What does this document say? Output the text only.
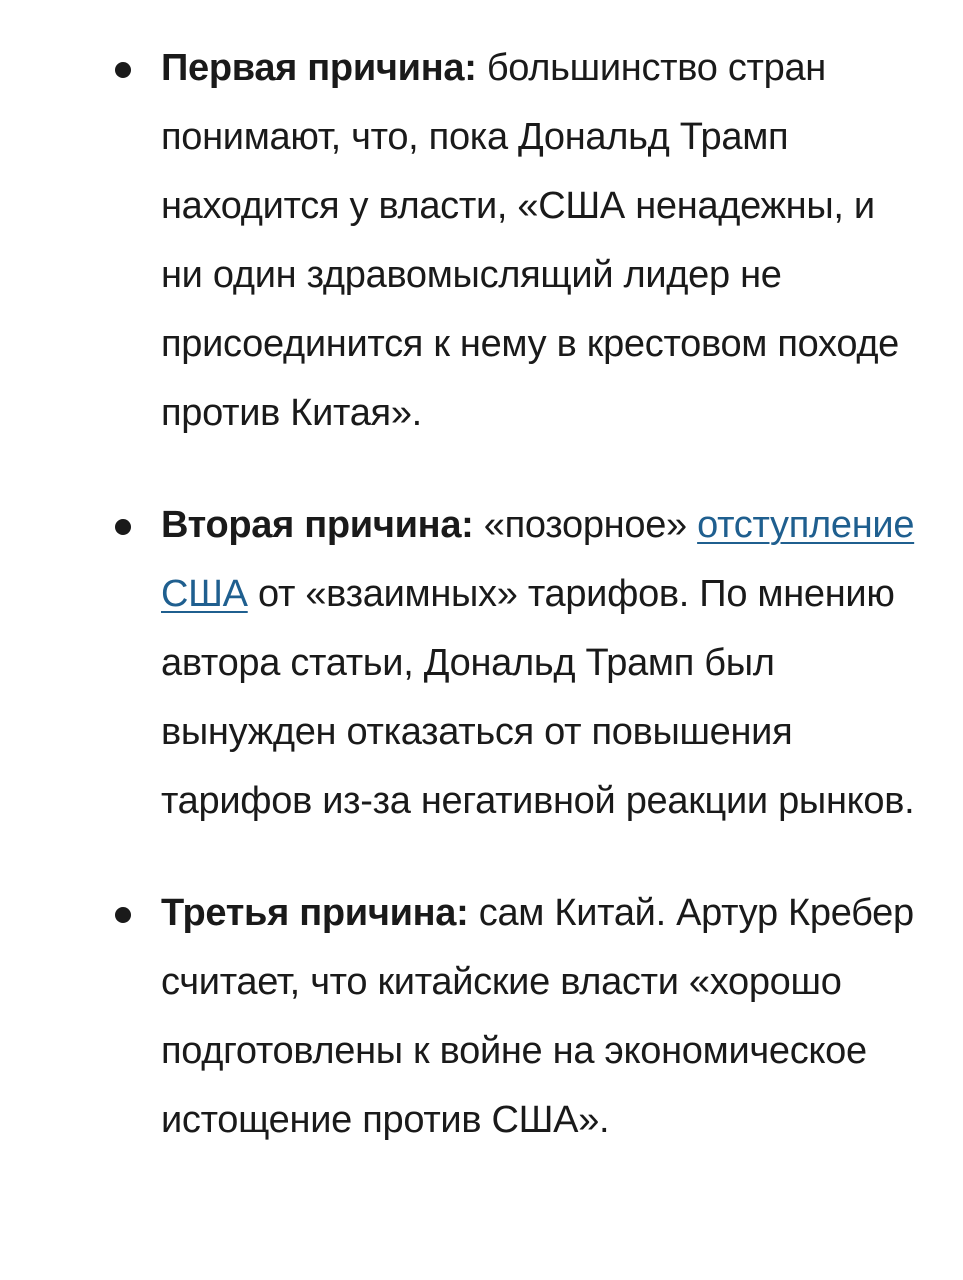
Первая причина: большинство стран понимают, что, пока Дональд Трамп находится у власти, «США ненадежны, и ни один здравомыслящий лидер не присоединится к нему в крестовом походе против Китая».
Вторая причина: «позорное» отступление США от «взаимных» тарифов. По мнению автора статьи, Дональд Трамп был вынужден отказаться от повышения тарифов из-за негативной реакции рынков.
Третья причина: сам Китай. Артур Кребер считает, что китайские власти «хорошо подготовлены к войне на экономическое истощение против США».
